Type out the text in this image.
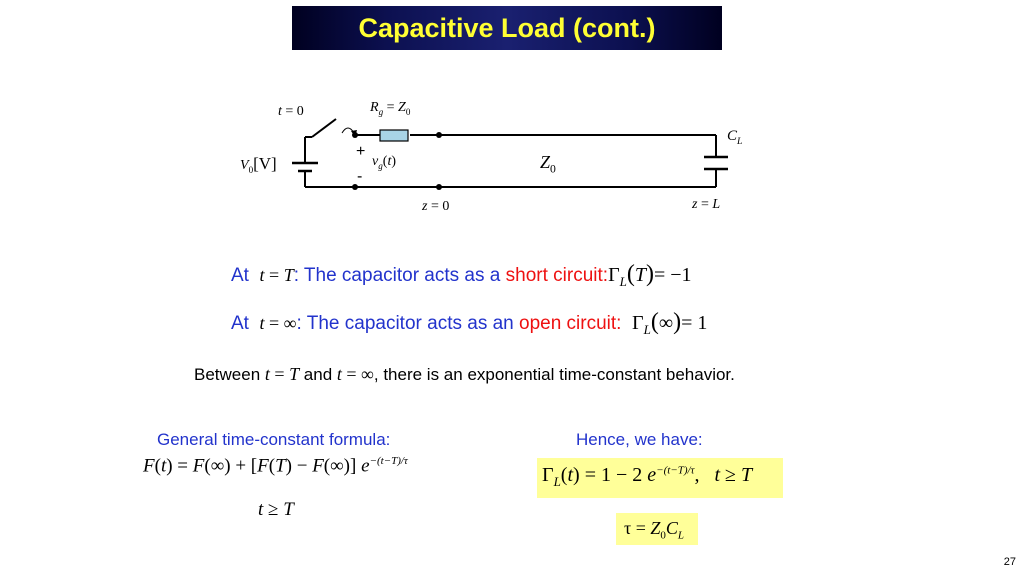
Capacitive Load (cont.)
t = 0	$R_g = Z_0$
$V_0[V]$
+
-
$v_g(t)$	$Z_0$
$C_L$
z = 0	z = L
At t = T: The capacitor acts as a short $circuit:\Gamma_L(T)= -1$
At t = ∞: The capacitor acts as an open circuit: $\Gamma_L(\infty)= 1$
Between t = T and t = ∞, there is an exponential time-constant behavior.
General time-constant formula:
F(t) = F(∞) + [F(T) − F(∞)] $e^{-(t-T)/\tau}$
t ≥ T
Hence, we have:
$\Gamma_L(t) = 1 - 2$ $e^{-(t-T)/\tau}$,   t ≥ T
$\tau = Z_0C_L$
27
